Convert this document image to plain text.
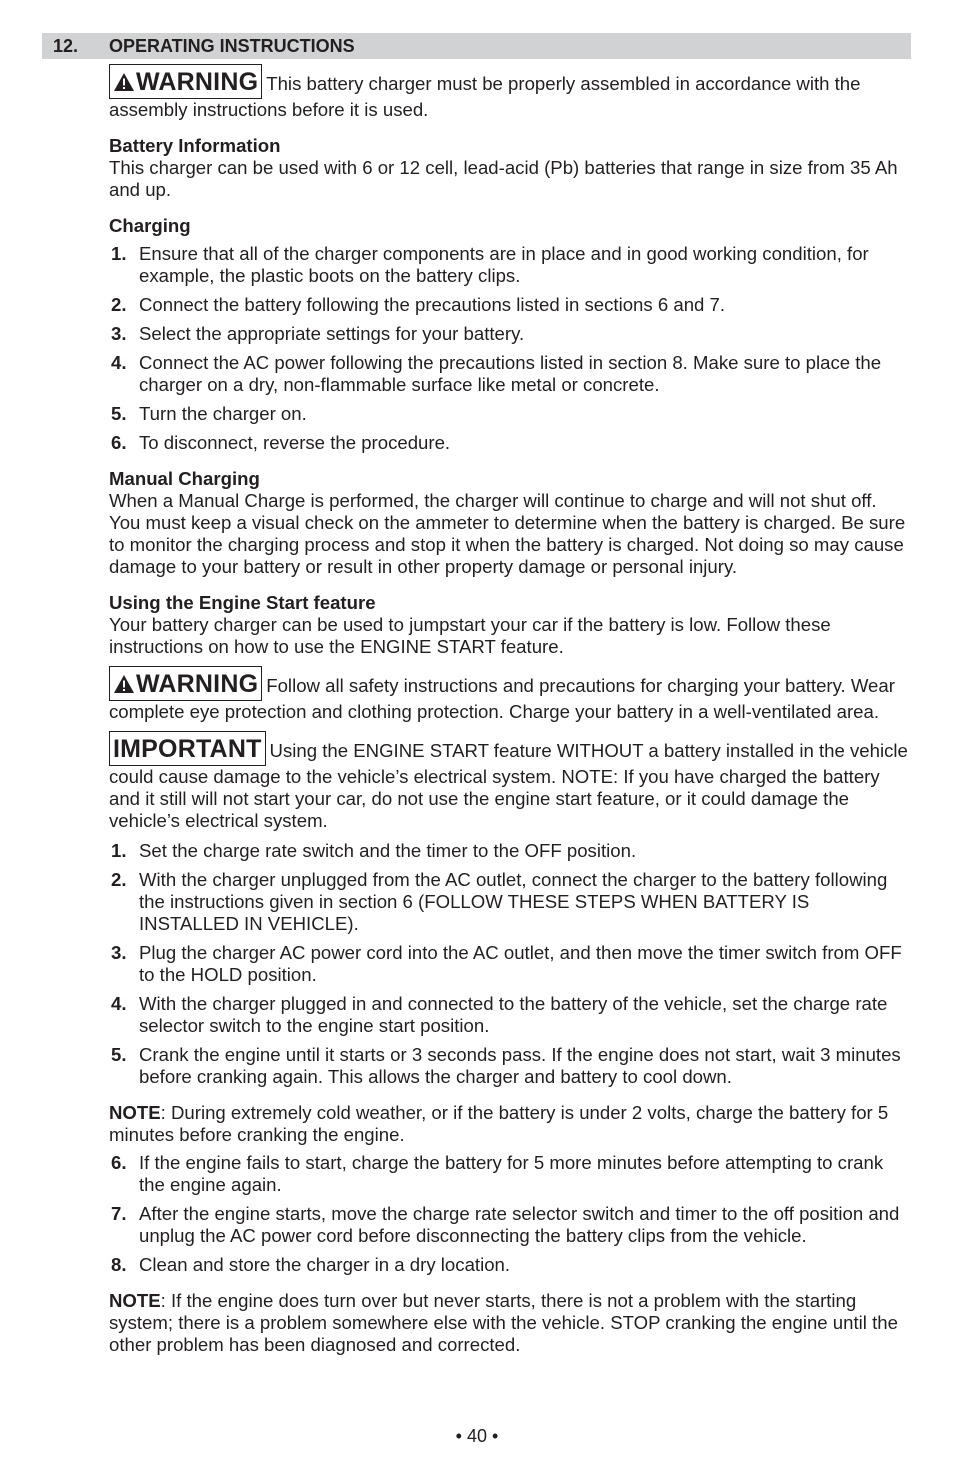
12. OPERATING INSTRUCTIONS

WARNING This battery charger must be properly assembled in accordance with the assembly instructions before it is used.

Battery Information

This charger can be used with 6 or 12 cell, lead-acid (Pb) batteries that range in size from 35 Ah and up.

Charging

1. Ensure that all of the charger components are in place and in good working condition, for example, the plastic boots on the battery clips.
2. Connect the battery following the precautions listed in sections 6 and 7.
3. Select the appropriate settings for your battery.
4. Connect the AC power following the precautions listed in section 8. Make sure to place the charger on a dry, non-flammable surface like metal or concrete.
5. Turn the charger on.
6. To disconnect, reverse the procedure.

Manual Charging

When a Manual Charge is performed, the charger will continue to charge and will not shut off. You must keep a visual check on the ammeter to determine when the battery is charged. Be sure to monitor the charging process and stop it when the battery is charged. Not doing so may cause damage to your battery or result in other property damage or personal injury.

Using the Engine Start feature

Your battery charger can be used to jumpstart your car if the battery is low. Follow these instructions on how to use the ENGINE START feature.

WARNING Follow all safety instructions and precautions for charging your battery. Wear complete eye protection and clothing protection. Charge your battery in a well-ventilated area.

IMPORTANT Using the ENGINE START feature WITHOUT a battery installed in the vehicle could cause damage to the vehicle’s electrical system. NOTE: If you have charged the battery and it still will not start your car, do not use the engine start feature, or it could damage the vehicle’s electrical system.

1. Set the charge rate switch and the timer to the OFF position.
2. With the charger unplugged from the AC outlet, connect the charger to the battery following the instructions given in section 6 (FOLLOW THESE STEPS WHEN BATTERY IS INSTALLED IN VEHICLE).
3. Plug the charger AC power cord into the AC outlet, and then move the timer switch from OFF to the HOLD position.
4. With the charger plugged in and connected to the battery of the vehicle, set the charge rate selector switch to the engine start position.
5. Crank the engine until it starts or 3 seconds pass. If the engine does not start, wait 3 minutes before cranking again. This allows the charger and battery to cool down.

NOTE: During extremely cold weather, or if the battery is under 2 volts, charge the battery for 5 minutes before cranking the engine.

6. If the engine fails to start, charge the battery for 5 more minutes before attempting to crank the engine again.
7. After the engine starts, move the charge rate selector switch and timer to the off position and unplug the AC power cord before disconnecting the battery clips from the vehicle.
8. Clean and store the charger in a dry location.

NOTE: If the engine does turn over but never starts, there is not a problem with the starting system; there is a problem somewhere else with the vehicle. STOP cranking the engine until the other problem has been diagnosed and corrected.

• 40 •
